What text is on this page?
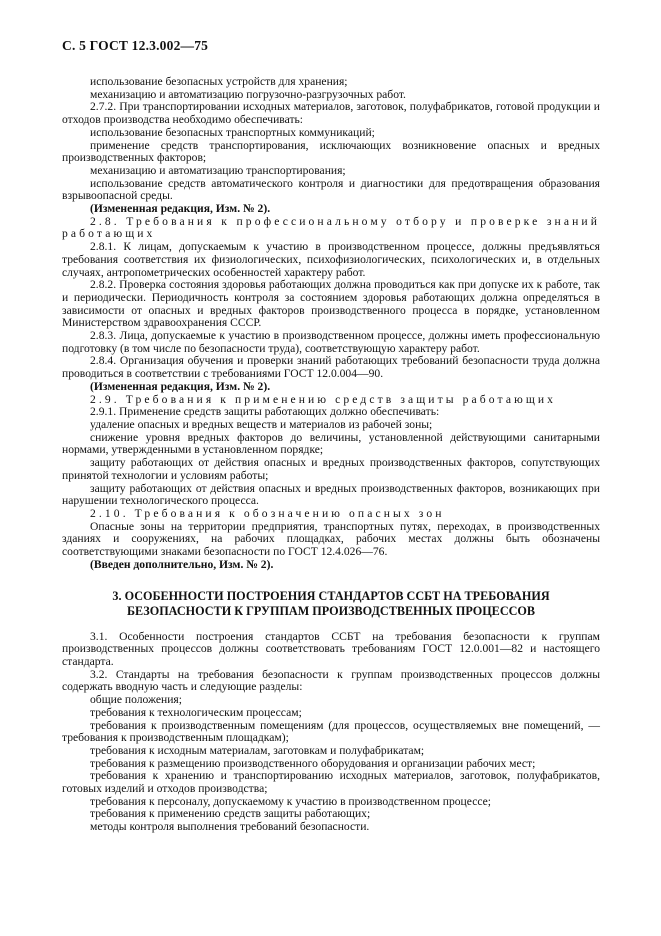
С. 5 ГОСТ 12.3.002—75

использование безопасных устройств для хранения;

механизацию и автоматизацию погрузочно-разгрузочных работ.

2.7.2. При транспортировании исходных материалов, заготовок, полуфабрикатов, готовой продукции и отходов производства необходимо обеспечивать:

использование безопасных транспортных коммуникаций;

применение средств транспортирования, исключающих возникновение опасных и вредных производственных факторов;

механизацию и автоматизацию транспортирования;

использование средств автоматического контроля и диагностики для предотвращения образования взрывоопасной среды.

(Измененная редакция, Изм. № 2).

2.8. Требования к профессиональному отбору и проверке знаний работающих

2.8.1. К лицам, допускаемым к участию в производственном процессе, должны предъявляться требования соответствия их физиологических, психофизиологических, психологических и, в отдельных случаях, антропометрических особенностей характеру работ.

2.8.2. Проверка состояния здоровья работающих должна проводиться как при допуске их к работе, так и периодически. Периодичность контроля за состоянием здоровья работающих должна определяться в зависимости от опасных и вредных факторов производственного процесса в порядке, установленном Министерством здравоохранения СССР.

2.8.3. Лица, допускаемые к участию в производственном процессе, должны иметь профессиональную подготовку (в том числе по безопасности труда), соответствующую характеру работ.

2.8.4. Организация обучения и проверки знаний работающих требований безопасности труда должна проводиться в соответствии с требованиями ГОСТ 12.0.004—90.

(Измененная редакция, Изм. № 2).

2.9. Требования к применению средств защиты работающих

2.9.1. Применение средств защиты работающих должно обеспечивать:

удаление опасных и вредных веществ и материалов из рабочей зоны;

снижение уровня вредных факторов до величины, установленной действующими санитарными нормами, утвержденными в установленном порядке;

защиту работающих от действия опасных и вредных производственных факторов, сопутствующих принятой технологии и условиям работы;

защиту работающих от действия опасных и вредных производственных факторов, возникающих при нарушении технологического процесса.

2.10. Требования к обозначению опасных зон

Опасные зоны на территории предприятия, транспортных путях, переходах, в производственных зданиях и сооружениях, на рабочих площадках, рабочих местах должны быть обозначены соответствующими знаками безопасности по ГОСТ 12.4.026—76.

(Введен дополнительно, Изм. № 2).

3. ОСОБЕННОСТИ ПОСТРОЕНИЯ СТАНДАРТОВ ССБТ НА ТРЕБОВАНИЯ
БЕЗОПАСНОСТИ К ГРУППАМ ПРОИЗВОДСТВЕННЫХ ПРОЦЕССОВ

3.1. Особенности построения стандартов ССБТ на требования безопасности к группам производственных процессов должны соответствовать требованиям ГОСТ 12.0.001—82 и настоящего стандарта.

3.2. Стандарты на требования безопасности к группам производственных процессов должны содержать вводную часть и следующие разделы:

общие положения;

требования к технологическим процессам;

требования к производственным помещениям (для процессов, осуществляемых вне помещений, — требования к производственным площадкам);

требования к исходным материалам, заготовкам и полуфабрикатам;

требования к размещению производственного оборудования и организации рабочих мест;

требования к хранению и транспортированию исходных материалов, заготовок, полуфабрикатов, готовых изделий и отходов производства;

требования к персоналу, допускаемому к участию в производственном процессе;

требования к применению средств защиты работающих;

методы контроля выполнения требований безопасности.
